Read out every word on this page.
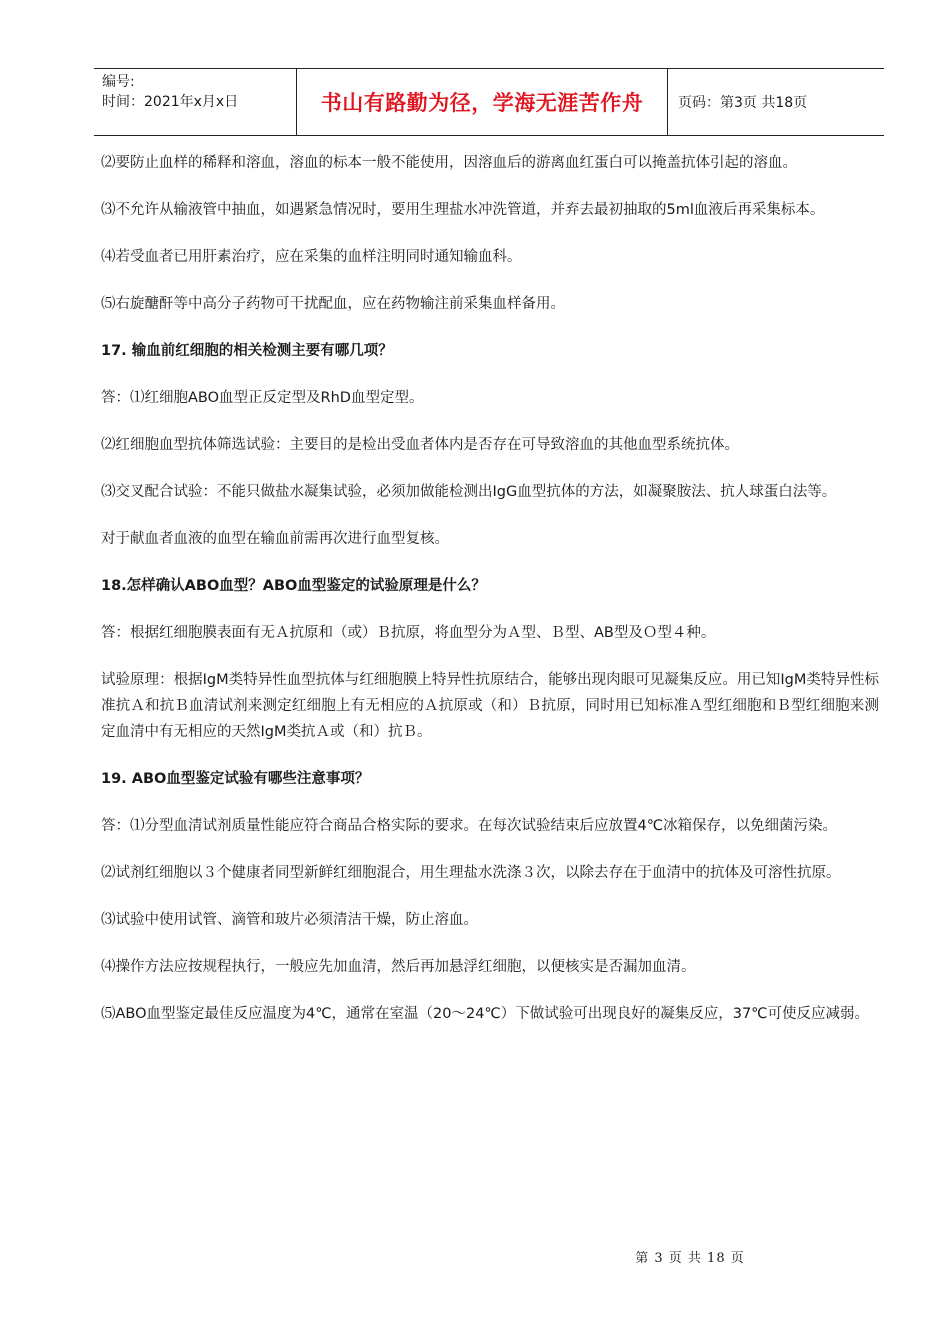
编号:
时间：2021年x月x日	书山有路勤为径，学海无涯苦作舟	页码：第3页 共18页

⑵要防止血样的稀释和溶血，溶血的标本一般不能使用，因溶血后的游离血红蛋白可以掩盖抗体引起的溶血。

⑶不允许从输液管中抽血，如遇紧急情况时，要用生理盐水冲洗管道，并弃去最初抽取的5ml血液后再采集标本。

⑷若受血者已用肝素治疗，应在采集的血样注明同时通知输血科。

⑸右旋醣酐等中高分子药物可干扰配血，应在药物输注前采集血样备用。

17. 输血前红细胞的相关检测主要有哪几项？

答：⑴红细胞ABO血型正反定型及RhD血型定型。

⑵红细胞血型抗体筛选试验：主要目的是检出受血者体内是否存在可导致溶血的其他血型系统抗体。

⑶交叉配合试验：不能只做盐水凝集试验，必须加做能检测出IgG血型抗体的方法，如凝聚胺法、抗人球蛋白法等。

对于献血者血液的血型在输血前需再次进行血型复核。

18.怎样确认ABO血型？ABO血型鉴定的试验原理是什么？

答：根据红细胞膜表面有无Ａ抗原和（或）Ｂ抗原，将血型分为Ａ型、Ｂ型、AB型及Ｏ型４种。

试验原理：根据IgM类特异性血型抗体与红细胞膜上特异性抗原结合，能够出现肉眼可见凝集反应。用已知IgM类特异性标准抗Ａ和抗Ｂ血清试剂来测定红细胞上有无相应的Ａ抗原或（和）Ｂ抗原，同时用已知标准Ａ型红细胞和Ｂ型红细胞来测定血清中有无相应的天然IgM类抗Ａ或（和）抗Ｂ。

19. ABO血型鉴定试验有哪些注意事项？

答：⑴分型血清试剂质量性能应符合商品合格实际的要求。在每次试验结束后应放置4℃冰箱保存，以免细菌污染。

⑵试剂红细胞以３个健康者同型新鲜红细胞混合，用生理盐水洗涤３次，以除去存在于血清中的抗体及可溶性抗原。

⑶试验中使用试管、滴管和玻片必须清洁干燥，防止溶血。

⑷操作方法应按规程执行，一般应先加血清，然后再加悬浮红细胞，以便核实是否漏加血清。

⑸ABO血型鉴定最佳反应温度为4℃，通常在室温（20～24℃）下做试验可出现良好的凝集反应，37℃可使反应减弱。

第 3 页 共 18 页
